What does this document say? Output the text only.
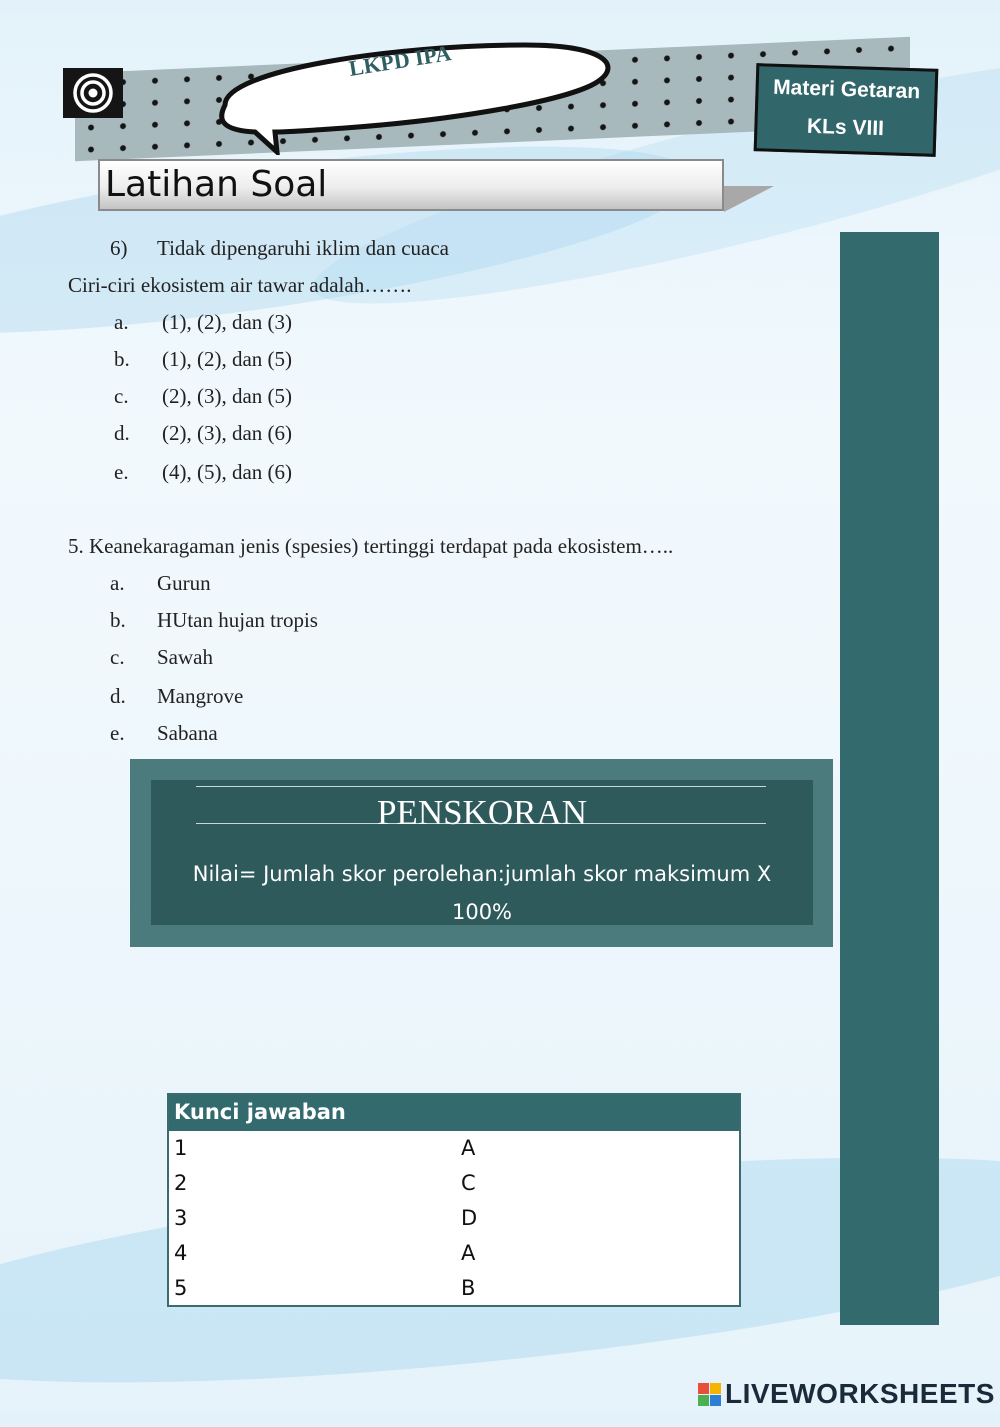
LKPD IPA
Materi Getaran
KLs VIII
Latihan Soal
6) Tidak dipengaruhi iklim dan cuaca
Ciri-ciri ekosistem air tawar adalah…….
a. (1), (2), dan (3)
b. (1), (2), dan (5)
c. (2), (3), dan (5)
d. (2), (3), dan (6)
e. (4), (5), dan (6)
5. Keanekaragaman jenis (spesies) tertinggi terdapat pada ekosistem…..
a. Gurun
b. HUtan hujan tropis
c. Sawah
d. Mangrove
e. Sabana
PENSKORAN
Nilai= Jumlah skor perolehan:jumlah skor maksimum X 100%
Kunci jawaban
1	A
2	C
3	D
4	A
5	B
LIVEWORKSHEETS
